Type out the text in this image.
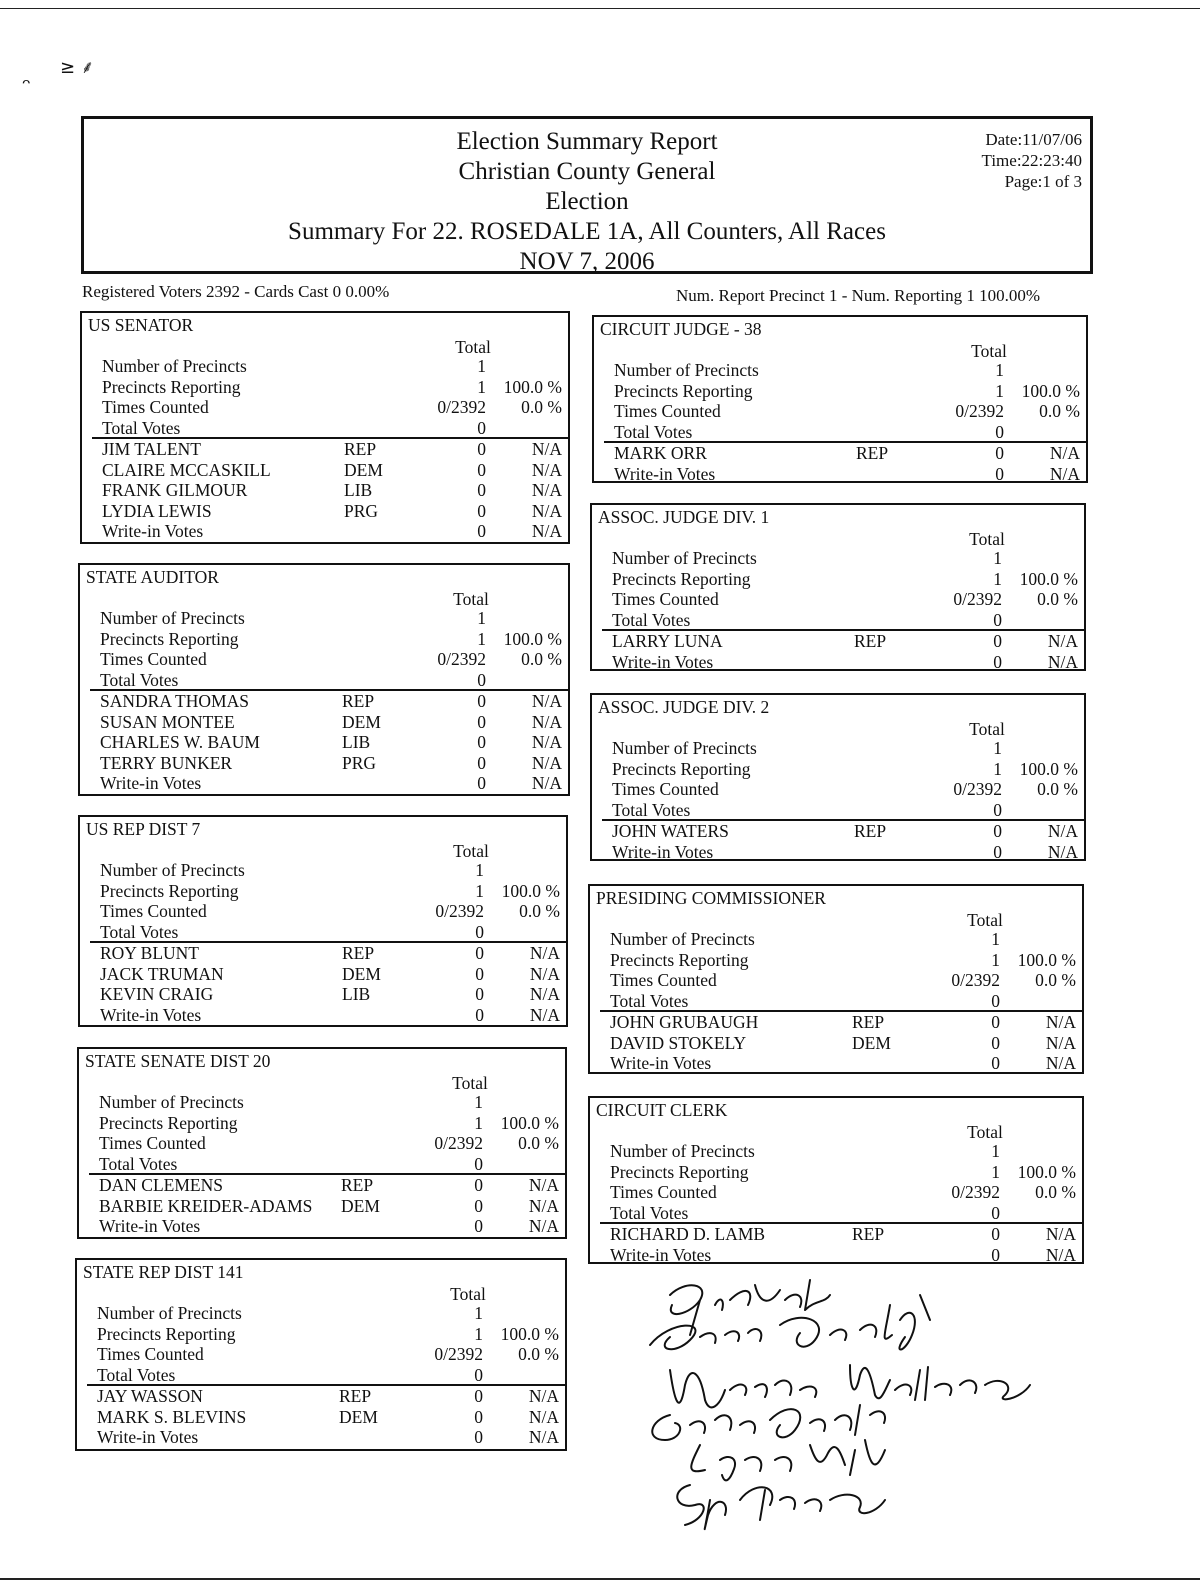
ᵔ
≥ ⸙
Election Summary Report
Christian County General
Election
Summary For 22. ROSEDALE 1A, All Counters, All Races
NOV 7, 2006
Date:11/07/06
Time:22:23:40
Page:1 of 3
Registered Voters 2392 - Cards Cast 0 0.00%	Num. Report Precinct 1 - Num. Reporting 1 100.00%
US SENATOR
Total
Number of Precincts	1
Precincts Reporting	1 100.0 %
Times Counted	0/2392 0.0 %
Total Votes	0
JIM TALENT	REP	0	N/A
CLAIRE MCCASKILL	DEM	0	N/A
FRANK GILMOUR	LIB	0	N/A
LYDIA LEWIS	PRG	0	N/A
Write-in Votes	0	N/A
STATE AUDITOR
Total
Number of Precincts	1
Precincts Reporting	1 100.0 %
Times Counted	0/2392 0.0 %
Total Votes	0
SANDRA THOMAS	REP	0	N/A
SUSAN MONTEE	DEM	0	N/A
CHARLES W. BAUM	LIB	0	N/A
TERRY BUNKER	PRG	0	N/A
Write-in Votes	0	N/A
US REP DIST 7
Total
Number of Precincts	1
Precincts Reporting	1 100.0 %
Times Counted	0/2392 0.0 %
Total Votes	0
ROY BLUNT	REP	0	N/A
JACK TRUMAN	DEM	0	N/A
KEVIN CRAIG	LIB	0	N/A
Write-in Votes	0	N/A
STATE SENATE DIST 20
Total
Number of Precincts	1
Precincts Reporting	1 100.0 %
Times Counted	0/2392 0.0 %
Total Votes	0
DAN CLEMENS	REP	0	N/A
BARBIE KREIDER-ADAMS DEM	0	N/A
Write-in Votes	0	N/A
STATE REP DIST 141
Total
Number of Precincts	1
Precincts Reporting	1 100.0 %
Times Counted	0/2392 0.0 %
Total Votes	0
JAY WASSON	REP	0	N/A
MARK S. BLEVINS	DEM	0	N/A
Write-in Votes	0	N/A
CIRCUIT JUDGE - 38
Total
Number of Precincts	1
Precincts Reporting	1 100.0 %
Times Counted	0/2392 0.0 %
Total Votes	0
MARK ORR	REP	0	N/A
Write-in Votes	0	N/A
ASSOC. JUDGE DIV. 1
Total
Number of Precincts	1
Precincts Reporting	1 100.0 %
Times Counted	0/2392 0.0 %
Total Votes	0
LARRY LUNA	REP	0	N/A
Write-in Votes	0	N/A
ASSOC. JUDGE DIV. 2
Total
Number of Precincts	1
Precincts Reporting	1 100.0 %
Times Counted	0/2392 0.0 %
Total Votes	0
JOHN WATERS	REP	0	N/A
Write-in Votes	0	N/A
PRESIDING COMMISSIONER
Total
Number of Precincts	1
Precincts Reporting	1 100.0 %
Times Counted	0/2392 0.0 %
Total Votes	0
JOHN GRUBAUGH	REP	0	N/A
DAVID STOKELY	DEM	0	N/A
Write-in Votes	0	N/A
CIRCUIT CLERK
Total
Number of Precincts	1
Precincts Reporting	1 100.0 %
Times Counted	0/2392 0.0 %
Total Votes	0
RICHARD D. LAMB	REP	0	N/A
Write-in Votes	0	N/A
